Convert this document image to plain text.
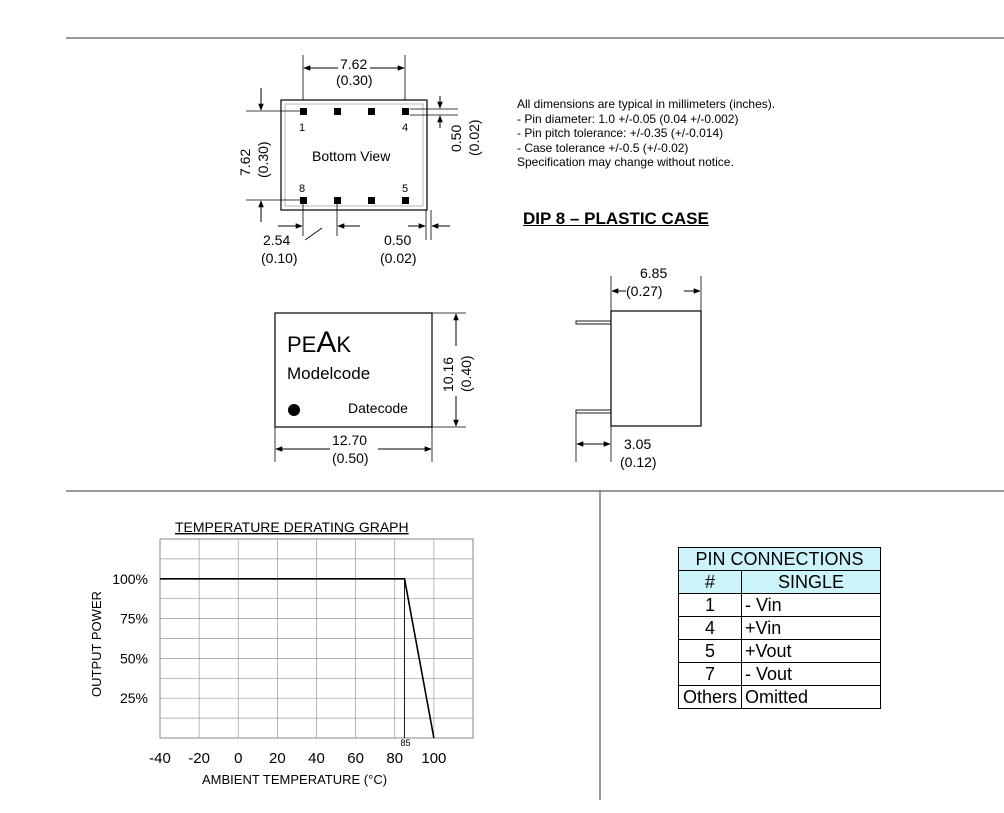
1	4
8	5
Bottom View
7.62
(0.30)
7.62 (0.30)
0.50 (0.02)
2.54
(0.10)
0.50
(0.02)
PEAK
Modelcode
Datecode
10.16 (0.40)
12.70
(0.50)
6.85
(0.27)
3.05
(0.12)
TEMPERATURE DERATING GRAPH
OUTPUT POWER
AMBIENT TEMPERATURE (°C)
85
-40 -20 0 20 40 60 80 100
100%
75%
50%
25%
All dimensions are typical in millimeters (inches).
- Pin diameter: 1.0 +/-0.05 (0.04 +/-0.002)
- Pin pitch tolerance: +/-0.35 (+/-0.014)
- Case tolerance +/-0.5 (+/-0.02)
Specification may change without notice.
DIP 8 – PLASTIC CASE
PIN CONNECTIONS	
#	SINGLE
1	- Vin
4	+Vin
5	+Vout
7	- Vout
Others	Omitted
